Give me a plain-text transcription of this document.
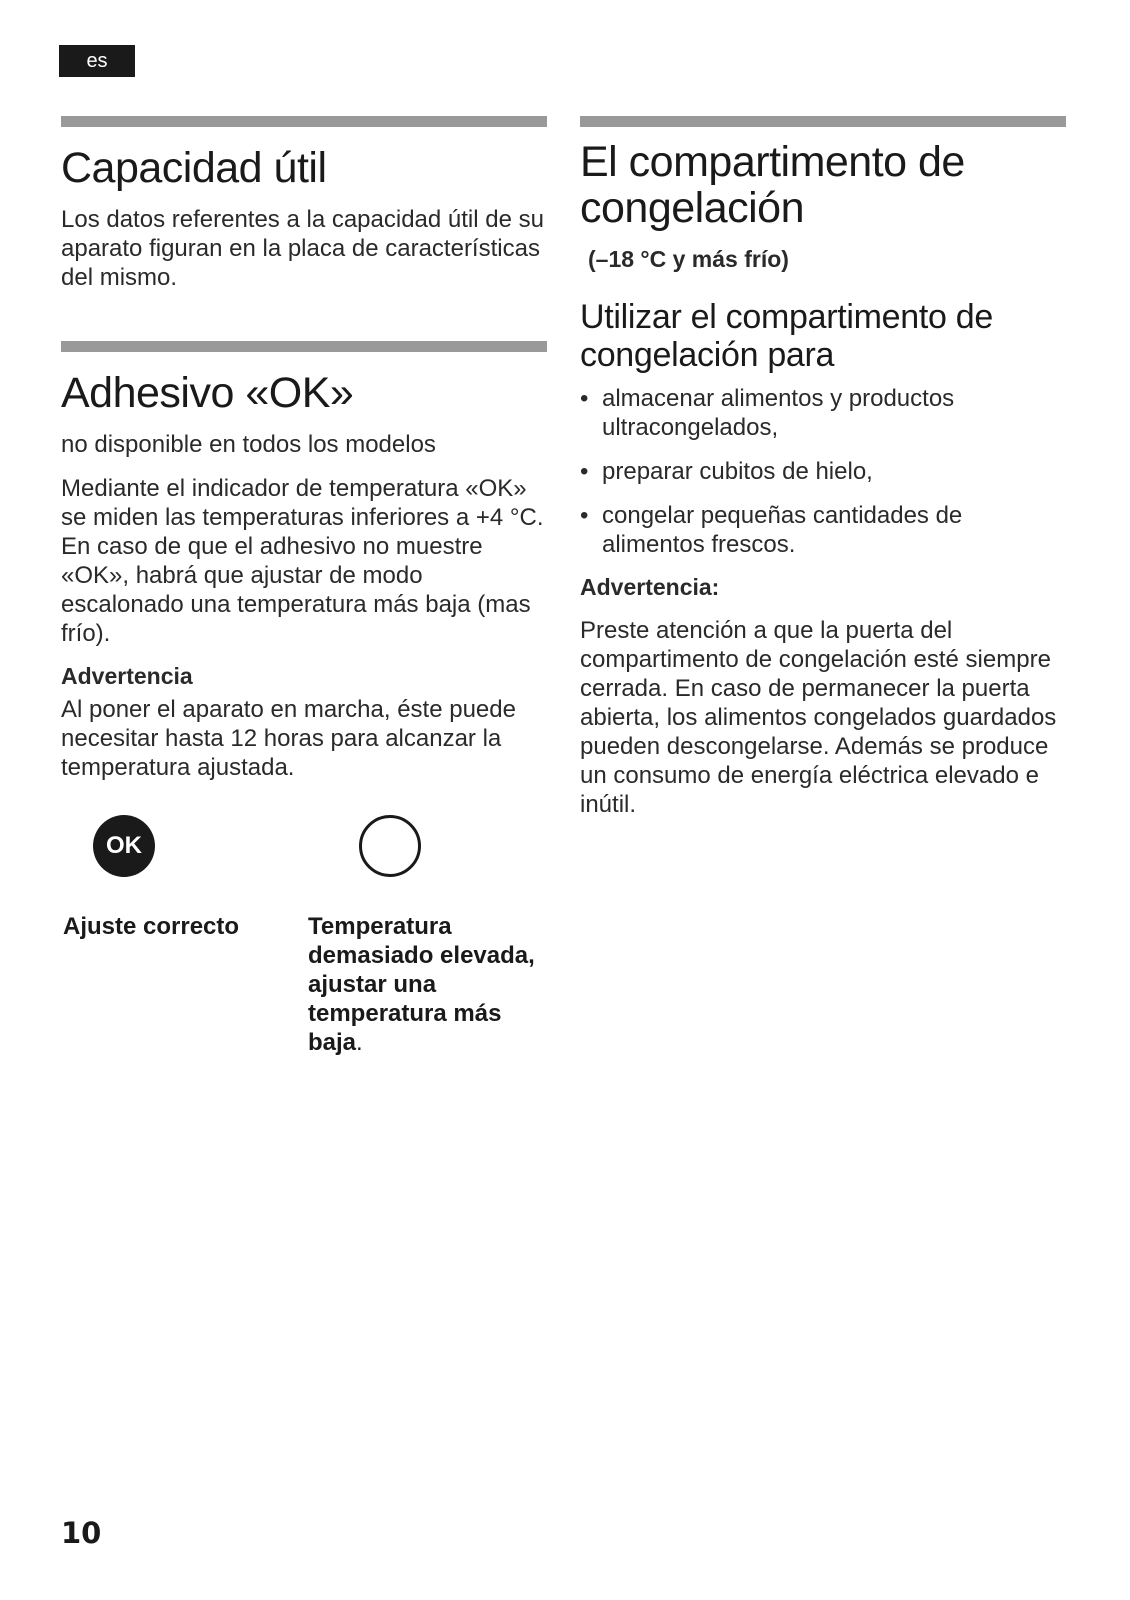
es
Capacidad útil

Los datos referentes a la capacidad útil de su aparato figuran en la placa de características del mismo.

Adhesivo «OK»

no disponible en todos los modelos

Mediante el indicador de temperatura «OK» se miden las temperaturas inferiores a +4 °C. En caso de que el adhesivo no muestre «OK», habrá que ajustar de modo escalonado una temperatura más baja (mas frío).

Advertencia

Al poner el aparato en marcha, éste puede necesitar hasta 12 horas para alcanzar la temperatura ajustada.

OK
Ajuste correcto	Temperatura demasiado elevada, ajustar una temperatura más baja.
El compartimento de congelación

(–18 °C y más frío)

Utilizar el compartimento de congelación para
• almacenar alimentos y productos ultracongelados,
• preparar cubitos de hielo,
• congelar pequeñas cantidades de alimentos frescos.

Advertencia:

Preste atención a que la puerta del compartimento de congelación esté siempre cerrada. En caso de permanecer la puerta abierta, los alimentos congelados guardados pueden descongelarse. Además se produce un consumo de energía eléctrica elevado e inútil.

10
